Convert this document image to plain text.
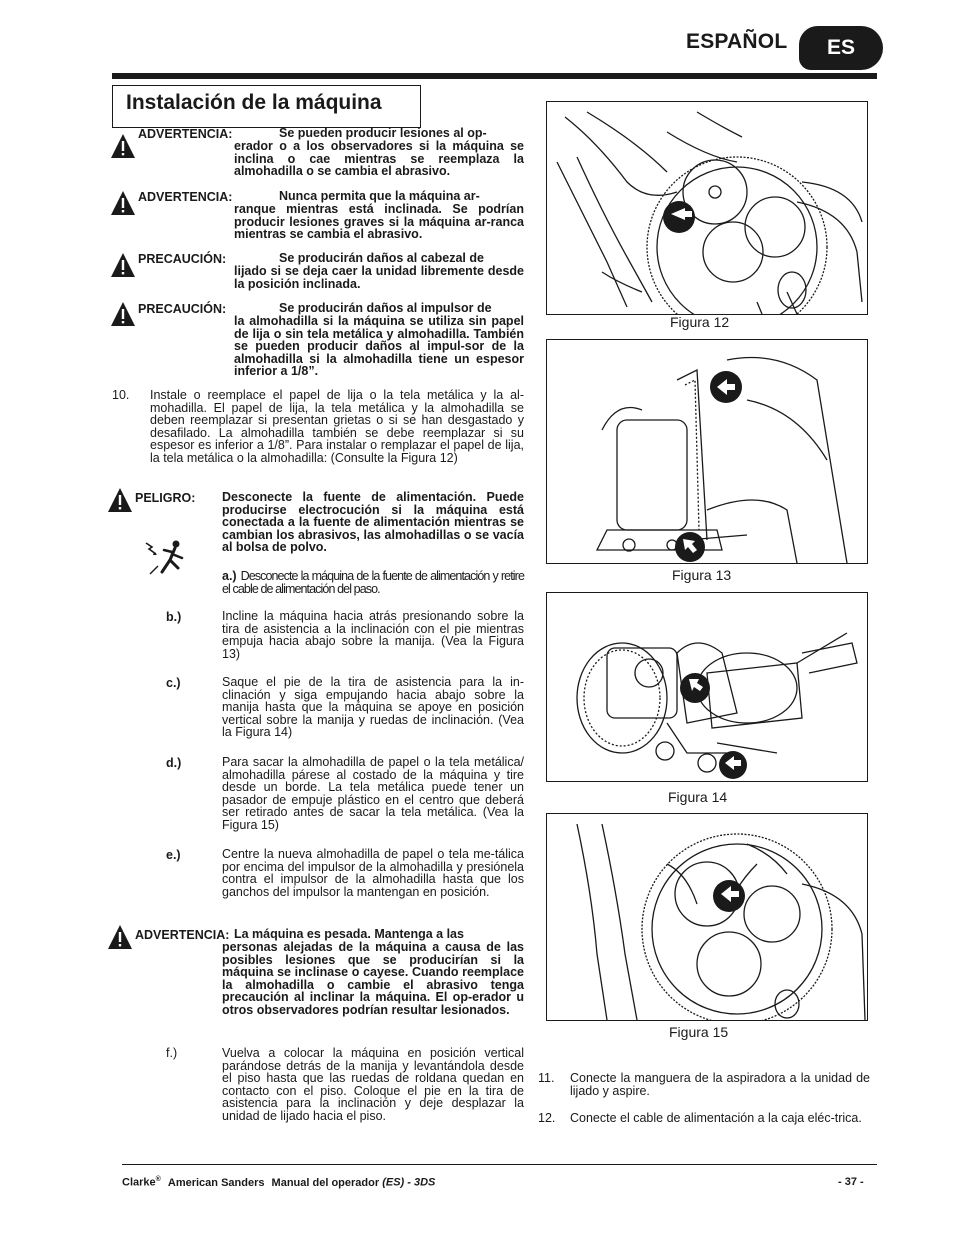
ESPAÑOL ES
Instalación de la máquina
ADVERTENCIA:	Se pueden producir lesiones al op-
erador o a los observadores si la máquina se inclina o cae mientras se reemplaza la almohadilla o se cambia el abrasivo.
ADVERTENCIA:	Nunca permita que la máquina ar-
ranque mientras está inclinada. Se podrían producir lesiones graves si la máquina ar-ranca mientras se cambia el abrasivo.
PRECAUCIÓN:	Se producirán daños al cabezal de
lijado si se deja caer la unidad libremente desde la posición inclinada.
PRECAUCIÓN:	Se producirán daños al impulsor de
la almohadilla si la máquina se utiliza sin papel de lija o sin tela metálica y almohadilla. También se pueden producir daños al impul-sor de la almohadilla si la almohadilla tiene un espesor inferior a 1/8”.
10. Instale o reemplace el papel de lija o la tela metálica y la al-mohadilla. El papel de lija, la tela metálica y la almohadilla se deben reemplazar si presentan grietas o si se han desgastado y desafilado. La almohadilla también se debe reemplazar si su espesor es inferior a 1/8”. Para instalar o remplazar el papel de lija, la tela metálica o la almohadilla: (Consulte la Figura 12)
PELIGRO: Desconecte la fuente de alimentación. Puede producirse electrocución si la máquina está conectada a la fuente de alimentación mientras se cambian los abrasivos, las almohadillas o se vacía al bolsa de polvo.
a.) Desconecte la máquina de la fuente de alimentación y retire el cable de alimentación del paso.
b.)	Incline la máquina hacia atrás presionando sobre la tira de asistencia a la inclinación con el pie mientras empuja hacia abajo sobre la manija. (Vea la Figura 13)
c.)	Saque el pie de la tira de asistencia para la in-clinación y siga empujando hacia abajo sobre la manija hasta que la máquina se apoye en posición vertical sobre la manija y ruedas de inclinación. (Vea la Figura 14)
d.)	Para sacar la almohadilla de papel o la tela metálica/ almohadilla párese al costado de la máquina y tire desde un borde. La tela metálica puede tener un pasador de empuje plástico en el centro que deberá ser retirado antes de sacar la tela metálica. (Vea la Figura 15)
e.)	Centre la nueva almohadilla de papel o tela me-tálica por encima del impulsor de la almohadilla y presiónela contra el impulsor de la almohadilla hasta que los ganchos del impulsor la mantengan en posición.
ADVERTENCIA: La máquina es pesada. Mantenga a las
personas alejadas de la máquina a causa de las posibles lesiones que se producirían si la máquina se inclinase o cayese. Cuando reemplace la almohadilla o cambie el abrasivo tenga precaución al inclinar la máquina. El op-erador u otros observadores podrían resultar lesionados.
f.)	Vuelva a colocar la máquina en posición vertical parándose detrás de la manija y levantándola desde el piso hasta que las ruedas de roldana quedan en contacto con el piso. Coloque el pie en la tira de asistencia para la inclinación y deje desplazar la unidad de lijado hacia el piso.
Figura 12
Figura 13
Figura 14
Figura 15
11. Conecte la manguera de la aspiradora a la unidad de lijado y aspire.
12. Conecte el cable de alimentación a la caja eléc-trica.
Clarke® American Sanders Manual del operador (ES) - 3DS	- 37 -
